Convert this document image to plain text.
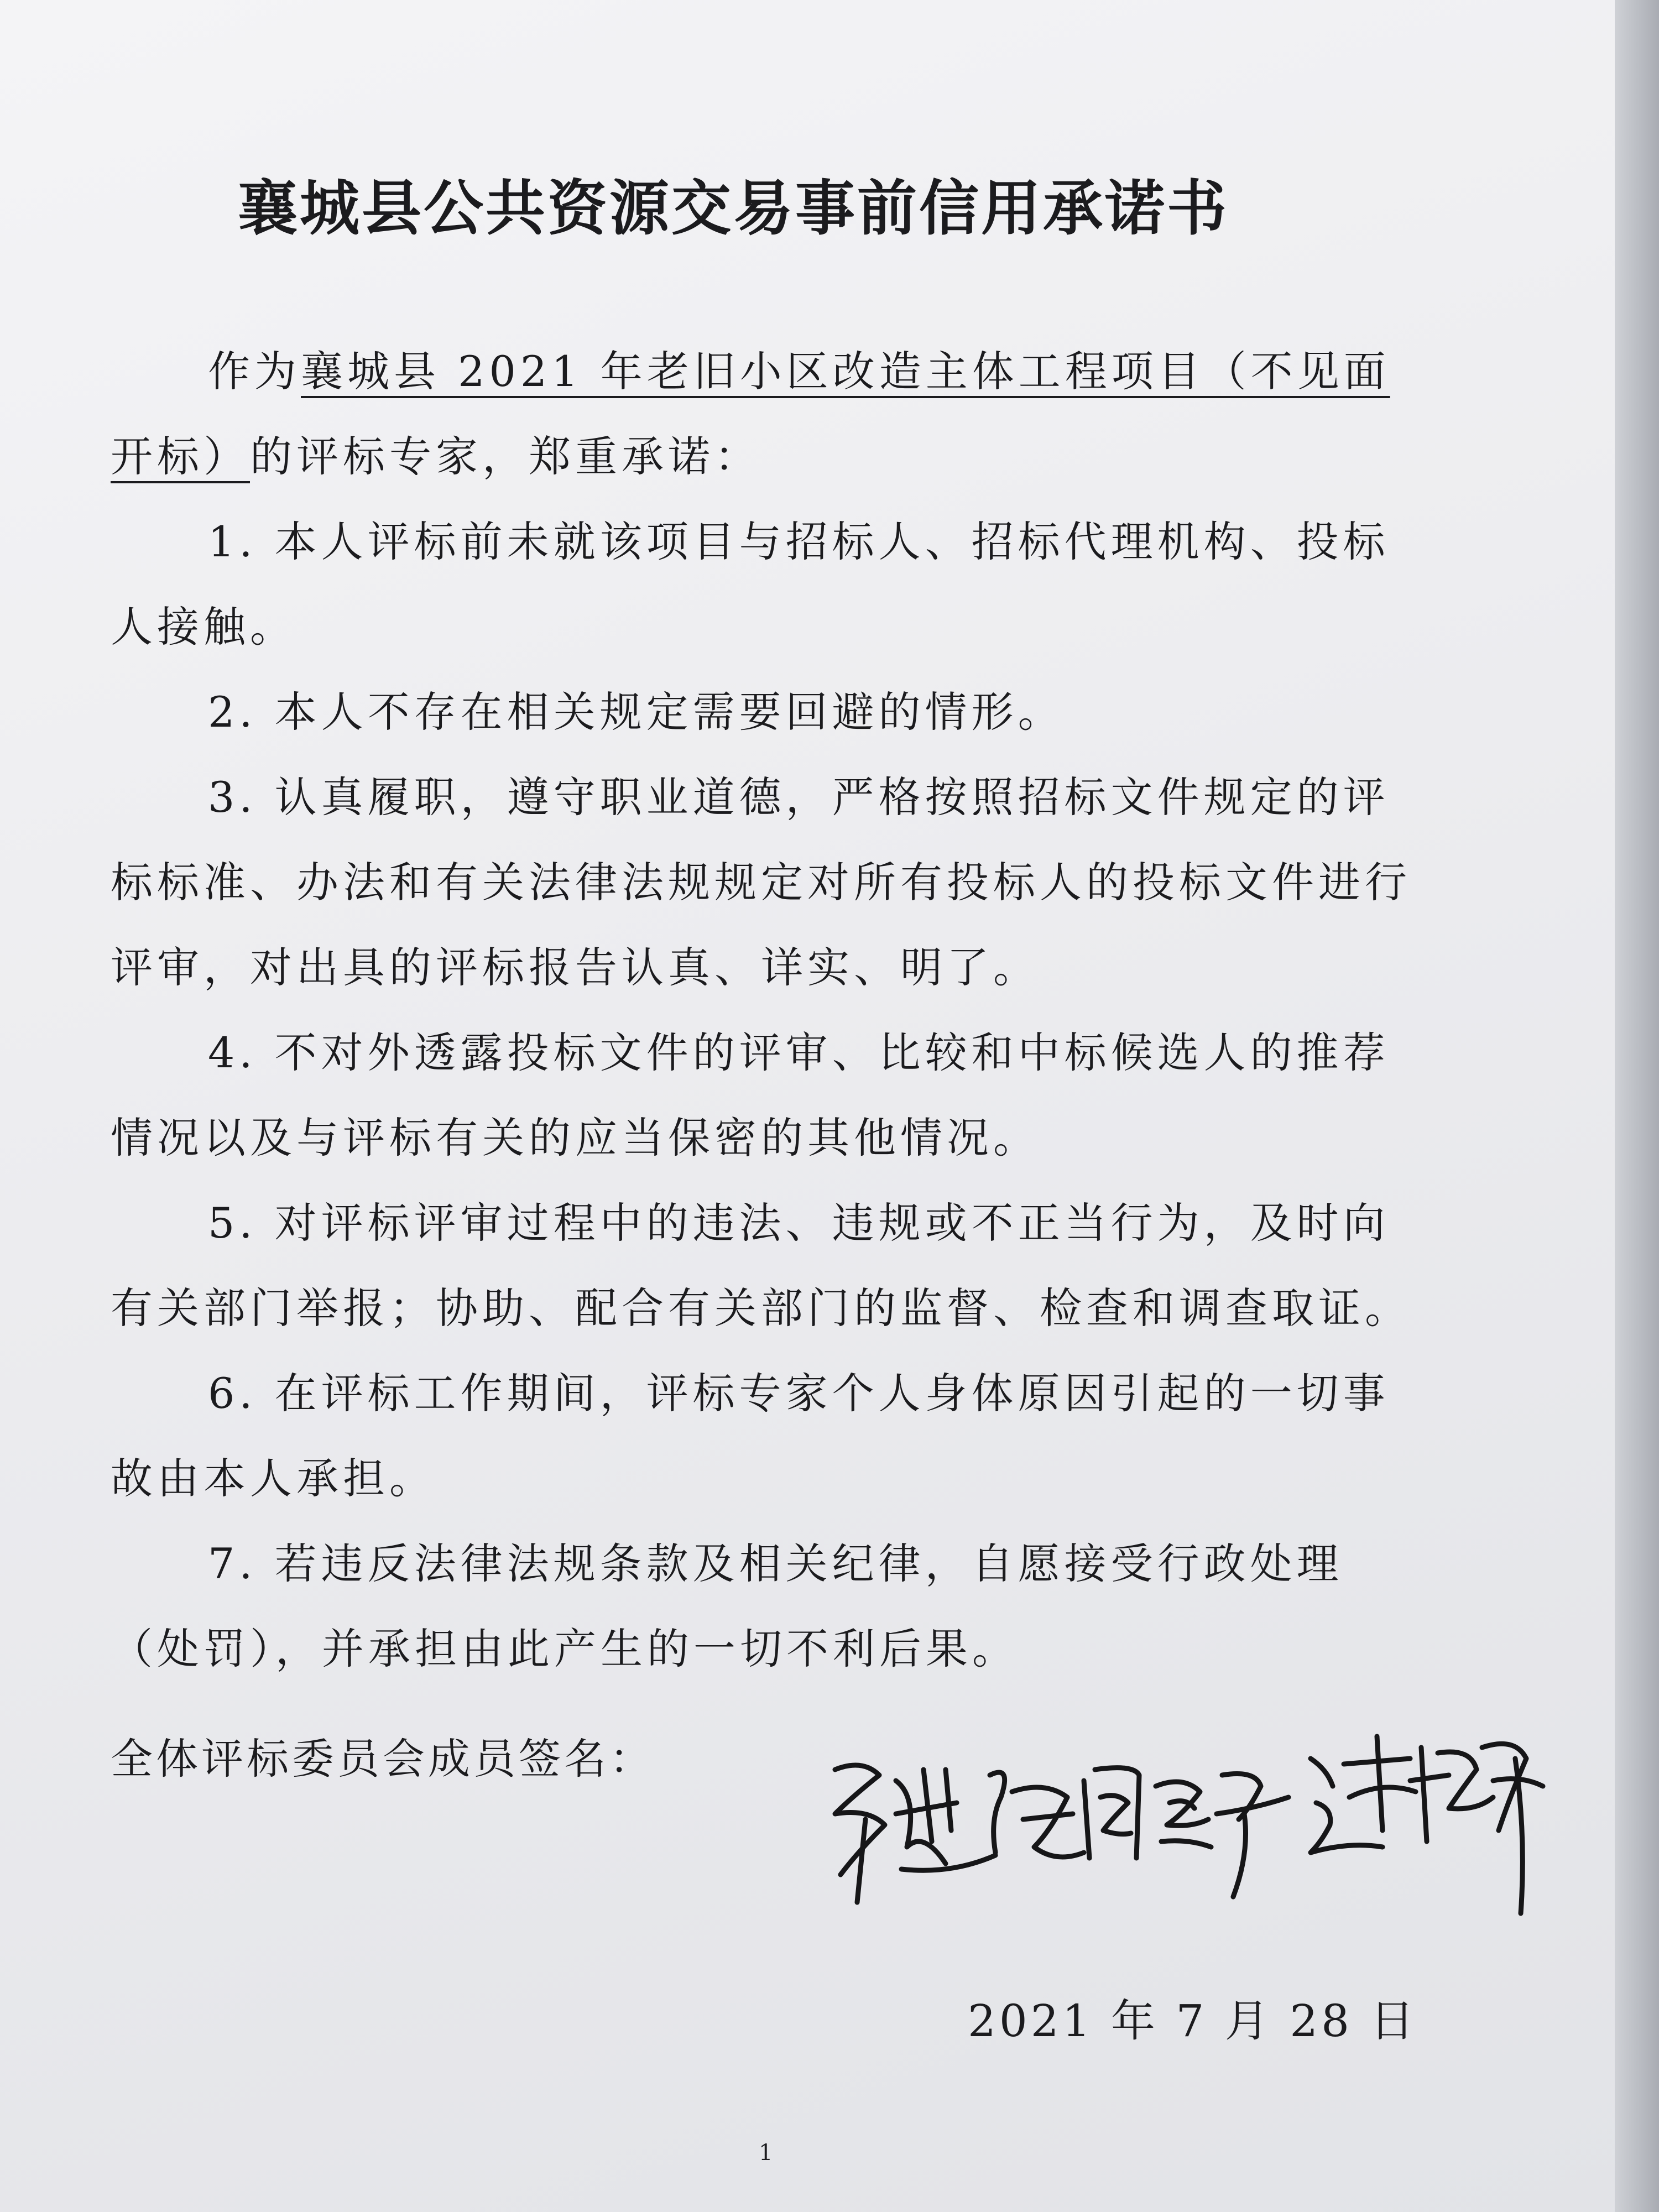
襄城县公共资源交易事前信用承诺书

作为襄城县 2021 年老旧小区改造主体工程项目（不见面开标）的评标专家，郑重承诺：

1. 本人评标前未就该项目与招标人、招标代理机构、投标人接触。

2. 本人不存在相关规定需要回避的情形。

3. 认真履职，遵守职业道德，严格按照招标文件规定的评标标准、办法和有关法律法规规定对所有投标人的投标文件进行评审，对出具的评标报告认真、详实、明了。

4. 不对外透露投标文件的评审、比较和中标候选人的推荐情况以及与评标有关的应当保密的其他情况。

5. 对评标评审过程中的违法、违规或不正当行为，及时向有关部门举报；协助、配合有关部门的监督、检查和调查取证。

6. 在评标工作期间，评标专家个人身体原因引起的一切事故由本人承担。

7. 若违反法律法规条款及相关纪律，自愿接受行政处理（处罚），并承担由此产生的一切不利后果。

全体评标委员会成员签名：
2021 年 7 月 28 日
1
